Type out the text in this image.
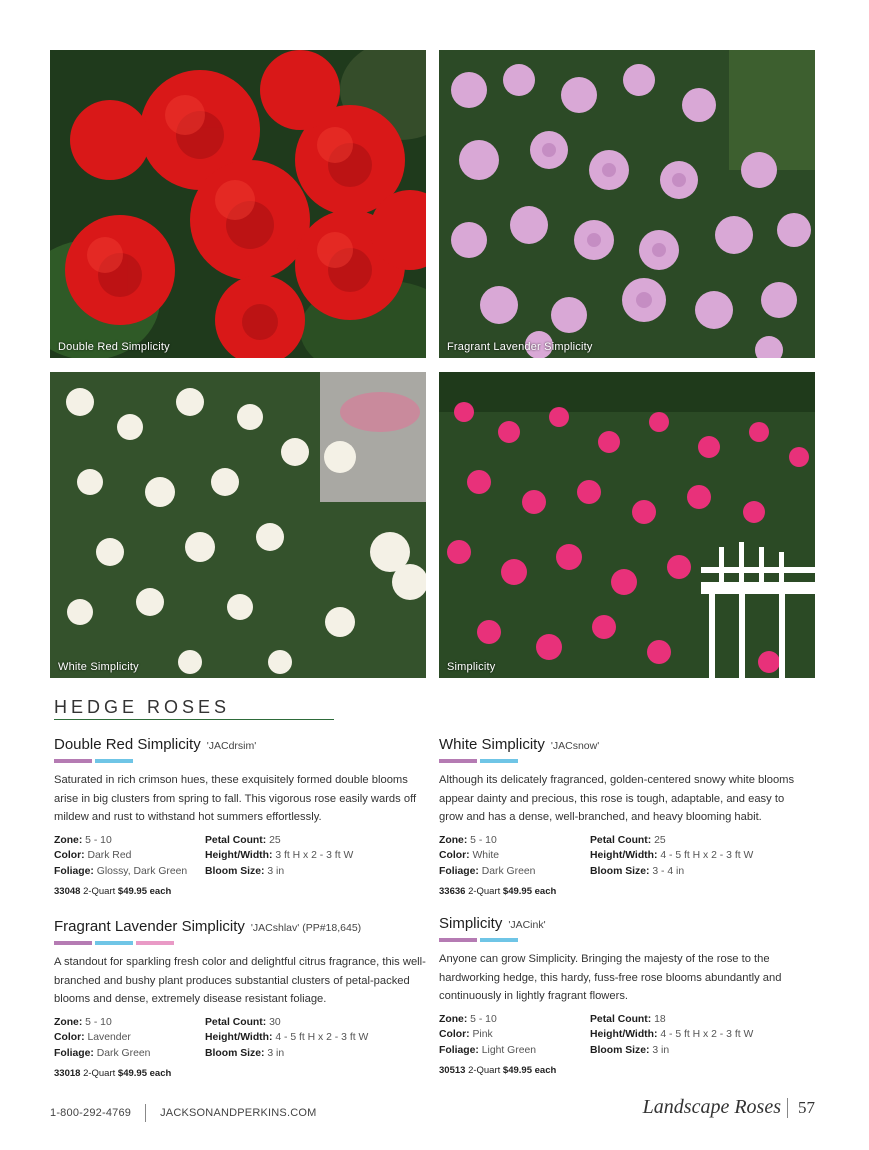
Double Red Simplicity	Fragrant Lavender Simplicity
White Simplicity	Simplicity
HEDGE ROSES
Double Red Simplicity 'JACdrsim'
Saturated in rich crimson hues, these exquisitely formed double blooms arise in big clusters from spring to fall. This vigorous rose easily wards off mildew and rust to withstand hot summers effortlessly.
Zone: 5 - 10	Petal Count: 25
Color: Dark Red	Height/Width: 3 ft H x 2 - 3 ft W
Foliage: Glossy, Dark Green	Bloom Size: 3 in
33048 2-Quart $49.95 each
White Simplicity 'JACsnow'
Although its delicately fragranced, golden-centered snowy white blooms appear dainty and precious, this rose is tough, adaptable, and easy to grow and has a dense, well-branched, and heavy blooming habit.
Zone: 5 - 10	Petal Count: 25
Color: White	Height/Width: 4 - 5 ft H x 2 - 3 ft W
Foliage: Dark Green	Bloom Size: 3 - 4 in
33636 2-Quart $49.95 each
Fragrant Lavender Simplicity 'JACshlav' (PP#18,645)
A standout for sparkling fresh color and delightful citrus fragrance, this well-branched and bushy plant produces substantial clusters of petal-packed blooms and dense, extremely disease resistant foliage.
Zone: 5 - 10	Petal Count: 30
Color: Lavender	Height/Width: 4 - 5 ft H x 2 - 3 ft W
Foliage: Dark Green	Bloom Size: 3 in
33018 2-Quart $49.95 each
Simplicity 'JACink'
Anyone can grow Simplicity. Bringing the majesty of the rose to the hardworking hedge, this hardy, fuss-free rose blooms abundantly and continuously in lightly fragrant flowers.
Zone: 5 - 10	Petal Count: 18
Color: Pink	Height/Width: 4 - 5 ft H x 2 - 3 ft W
Foliage: Light Green	Bloom Size: 3 in
30513 2-Quart $49.95 each
1-800-292-4769	JACKSONANDPERKINS.COM	Landscape Roses 57
